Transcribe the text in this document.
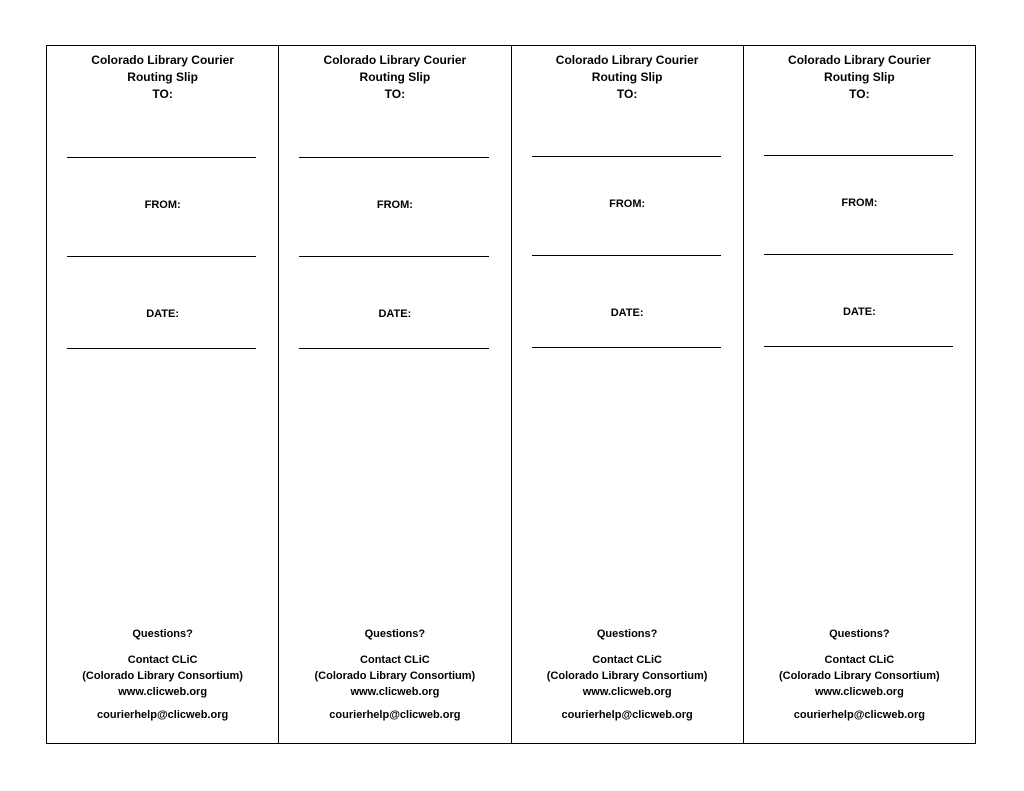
Colorado Library Courier
Routing Slip
TO:
FROM:
DATE:
Questions?
Contact CLiC
(Colorado Library Consortium)
www.clicweb.org
courierhelp@clicweb.org
Colorado Library Courier
Routing Slip
TO:
FROM:
DATE:
Questions?
Contact CLiC
(Colorado Library Consortium)
www.clicweb.org
courierhelp@clicweb.org
Colorado Library Courier
Routing Slip
TO:
FROM:
DATE:
Questions?
Contact CLiC
(Colorado Library Consortium)
www.clicweb.org
courierhelp@clicweb.org
Colorado Library Courier
Routing Slip
TO:
FROM:
DATE:
Questions?
Contact CLiC
(Colorado Library Consortium)
www.clicweb.org
courierhelp@clicweb.org
